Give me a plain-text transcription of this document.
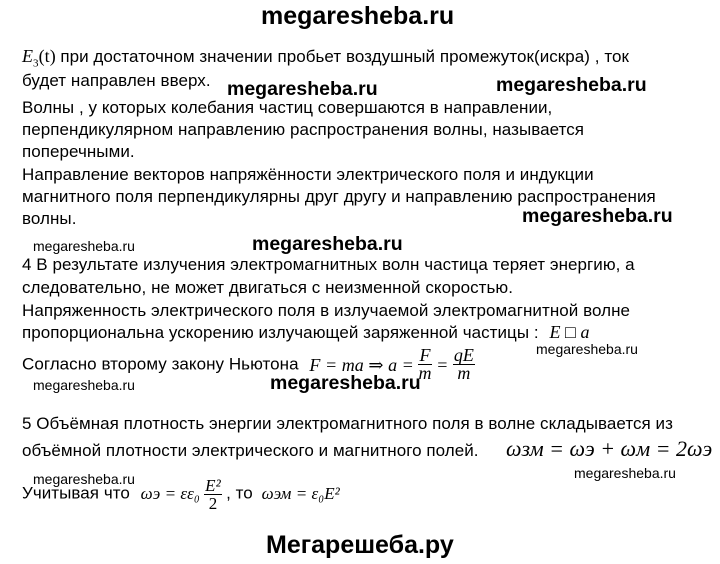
megaresheba.ru
$E_3(t)$ при достаточном значении пробьет воздушный промежуток(искра) , ток
будет направлен вверх. megaresheba.ru	megaresheba.ru
Волны , у которых колебания частиц совершаются в направлении,
перпендикулярном направлению распространения волны, называется
поперечными.
Направление векторов напряжённости электрического поля и индукции
магнитного поля перпендикулярны друг другу и направлению распространения
волны.	megaresheba.ru
megaresheba.ru	megaresheba.ru
4 В результате излучения электромагнитных волн частица теряет энергию, а
следовательно, не может двигаться с неизменной скоростью.
Напряженность электрического поля в излучаемой электромагнитной волне
пропорциональна ускорению излучающей заряженной частицы : E □ a
megaresheba.ru
Согласно второму закону Ньютона F = ma ⇒ $a = \frac{F}{m} = \frac{qE}{m}$
megaresheba.ru	megaresheba.ru
5 Объёмная плотность энергии электромагнитного поля в волне складывается из
объёмной плотности электрического и магнитного полей. ωзм = ωэ + ωм = 2ωэ
megaresheba.ru	megaresheba.ru
Учитывая что $\omega э = \varepsilon\varepsilon_0 \frac{\text{E²}}{2}$ , то ωэм = ε₀E²
Мегарешеба.ру
